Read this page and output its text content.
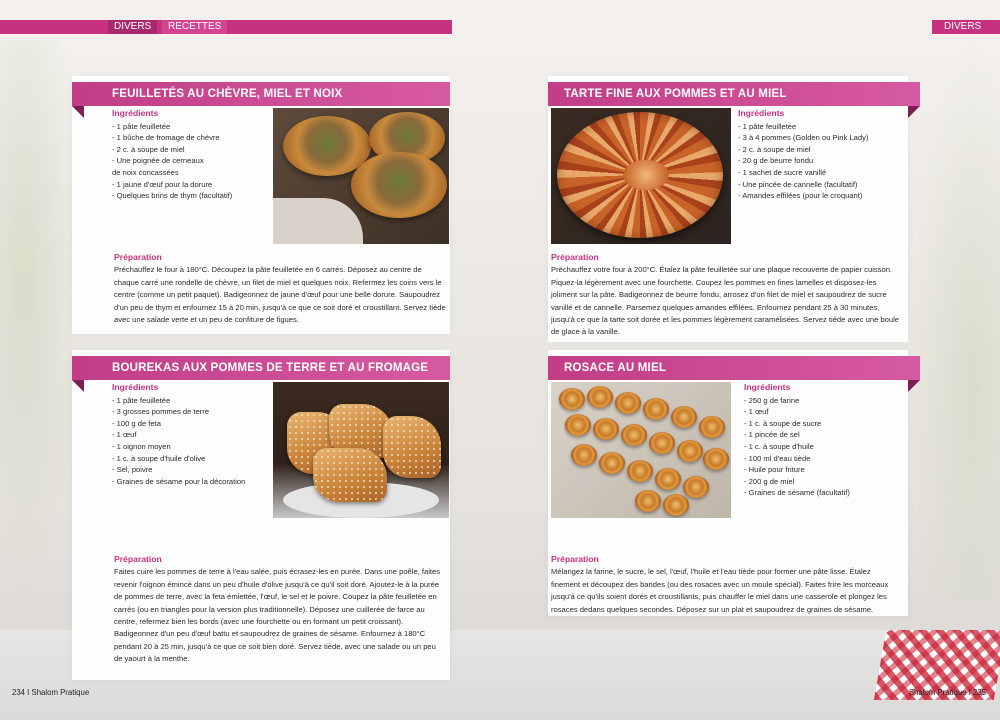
DIVERS	RECETTES	DIVERS
FEUILLETÉS AU CHÈVRE, MIEL ET NOIX	TARTE FINE AUX POMMES ET AU MIEL
BOUREKAS AUX POMMES DE TERRE ET AU FROMAGE	ROSACE AU MIEL
Ingrédients
- 1 pâte feuilletée
- 1 bûche de fromage de chèvre
- 2 c. à soupe de miel
- Une poignée de cerneaux
de noix concassées
- 1 jaune d'œuf pour la dorure
- Quelques brins de thym (facultatif)
Préparation

Préchauffez le four à 180°C. Découpez la pâte feuilletée en 6 carrés. Déposez au centre de chaque carré une rondelle de chèvre, un filet de miel et quelques noix. Refermez les coins vers le centre (comme un petit paquet). Badigeonnez de jaune d'œuf pour une belle dorure. Saupoudrez d'un peu de thym et enfournez 15 à 20 min, jusqu'à ce que ce soit doré et croustillant. Servez tiède avec une salade verte et un peu de confiture de figues.

Ingrédients
- 1 pâte feuilletée
- 3 à 4 pommes (Golden ou Pink Lady)
- 2 c. à soupe de miel
- 20 g de beurre fondu
- 1 sachet de sucre vanillé
- Une pincée de cannelle (facultatif)
- Amandes effilées (pour le croquant)
Préparation

Préchauffez votre four à 200°C. Étalez la pâte feuilletée sur une plaque recouverte de papier cuisson. Piquez-la légèrement avec une fourchette. Coupez les pommes en fines lamelles et disposez-les joliment sur la pâte. Badigeonnez de beurre fondu, arrosez d'un filet de miel et saupoudrez de sucre vanillé et de cannelle. Parsemez quelques amandes effilées. Enfournez pendant 25 à 30 minutes, jusqu'à ce que la tarte soit dorée et les pommes légèrement caramélisées. Servez tiède avec une boule de glace à la vanille.

Ingrédients
- 1 pâte feuilletée
- 3 grosses pommes de terre
- 100 g de feta
- 1 œuf
- 1 oignon moyen
- 1 c. à soupe d'huile d'olive
- Sel, poivre
- Graines de sésame pour la décoration
Préparation

Faites cuire les pommes de terre à l'eau salée, puis écrasez-les en purée. Dans une poêle, faites revenir l'oignon émincé dans un peu d'huile d'olive jusqu'à ce qu'il soit doré. Ajoutez-le à la purée de pommes de terre, avec la feta émiettée, l'œuf, le sel et le poivre. Coupez la pâte feuilletée en carrés (ou en triangles pour la version plus traditionnelle). Déposez une cuillerée de farce au centre, refermez bien les bords (avec une fourchette ou en formant un petit croissant). Badigeonnez d'un peu d'œuf battu et saupoudrez de graines de sésame. Enfournez à 180°C pendant 20 à 25 min, jusqu'à ce que ce soit bien doré. Servez tiède, avec une salade ou un peu de yaourt à la menthe.

Ingrédients
- 250 g de farine
- 1 œuf
- 1 c. à soupe de sucre
- 1 pincée de sel
- 1 c. à soupe d'huile
- 100 ml d'eau tiède
- Huile pour friture
- 200 g de miel
- Graines de sésame (facultatif)
Préparation

Mélangez la farine, le sucre, le sel, l'œuf, l'huile et l'eau tiède pour former une pâte lisse. Étalez finement et découpez des bandes (ou des rosaces avec un moule spécial). Faites frire les morceaux jusqu'à ce qu'ils soient dorés et croustillants, puis chauffer le miel dans une casserole et plongez les rosaces dedans quelques secondes. Déposez sur un plat et saupoudrez de graines de sésame.

234 I Shalom Pratique	Shalom Pratique I 235
